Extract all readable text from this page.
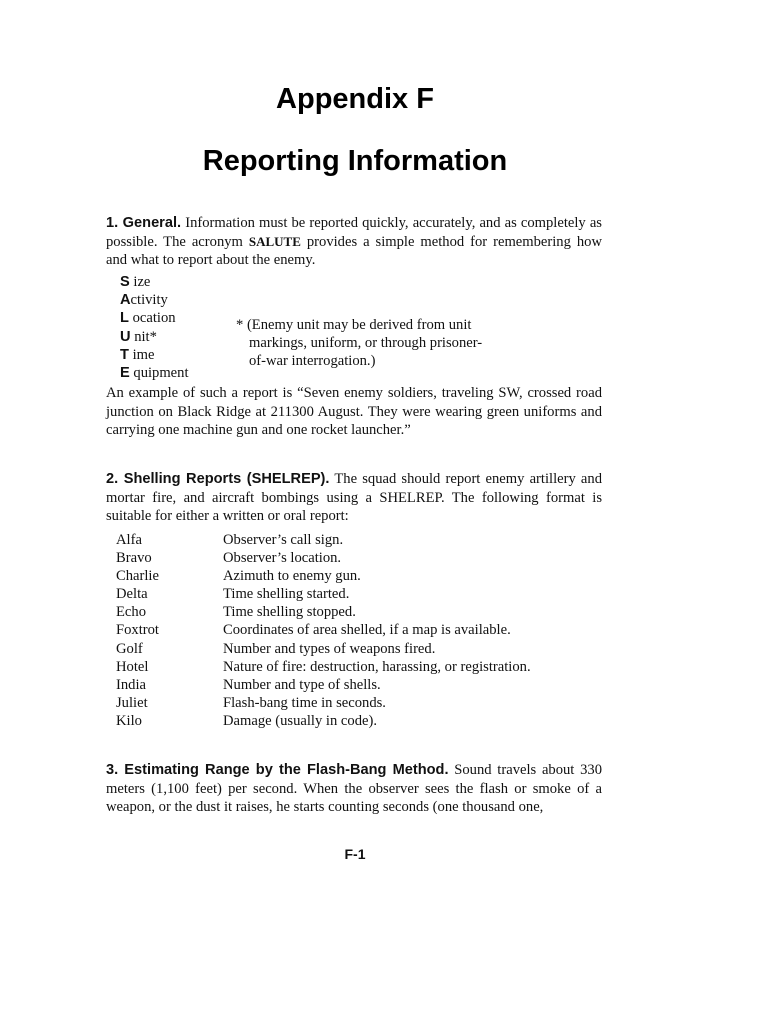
Appendix F
Reporting Information
1. General. Information must be reported quickly, accurately, and as completely as possible. The acronym SALUTE provides a simple method for remembering how and what to report about the enemy.
S ize
Activity
L ocation
U nit*
T ime
E quipment
* (Enemy unit may be derived from unit
markings, uniform, or through prisoner-
of-war interrogation.)
An example of such a report is “Seven enemy soldiers, traveling SW, crossed road junction on Black Ridge at 211300 August. They were wearing green uniforms and carrying one machine gun and one rocket launcher.”
2. Shelling Reports (SHELREP). The squad should report enemy artillery and mortar fire, and aircraft bombings using a SHELREP. The following format is suitable for either a written or oral report:
Alfa	Observer’s call sign.
Bravo	Observer’s location.
Charlie	Azimuth to enemy gun.
Delta	Time shelling started.
Echo	Time shelling stopped.
Foxtrot	Coordinates of area shelled, if a map is available.
Golf	Number and types of weapons fired.
Hotel	Nature of fire: destruction, harassing, or registration.
India	Number and type of shells.
Juliet	Flash-bang time in seconds.
Kilo	Damage (usually in code).
3. Estimating Range by the Flash-Bang Method. Sound travels about 330 meters (1,100 feet) per second. When the observer sees the flash or smoke of a weapon, or the dust it raises, he starts counting seconds (one thousand one,
F-1
